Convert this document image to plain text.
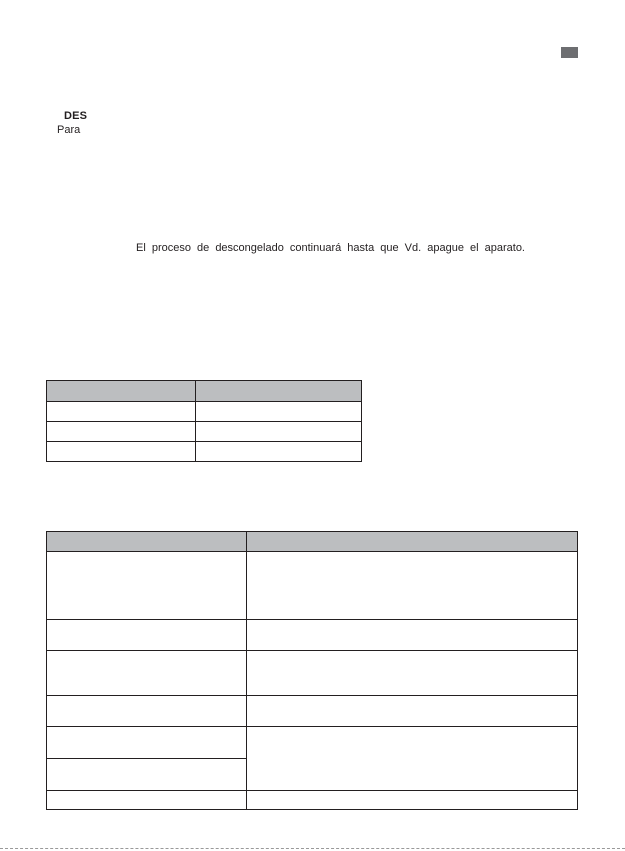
DES
Para
El proceso de descongelado continuará hasta que Vd. apague el aparato.
